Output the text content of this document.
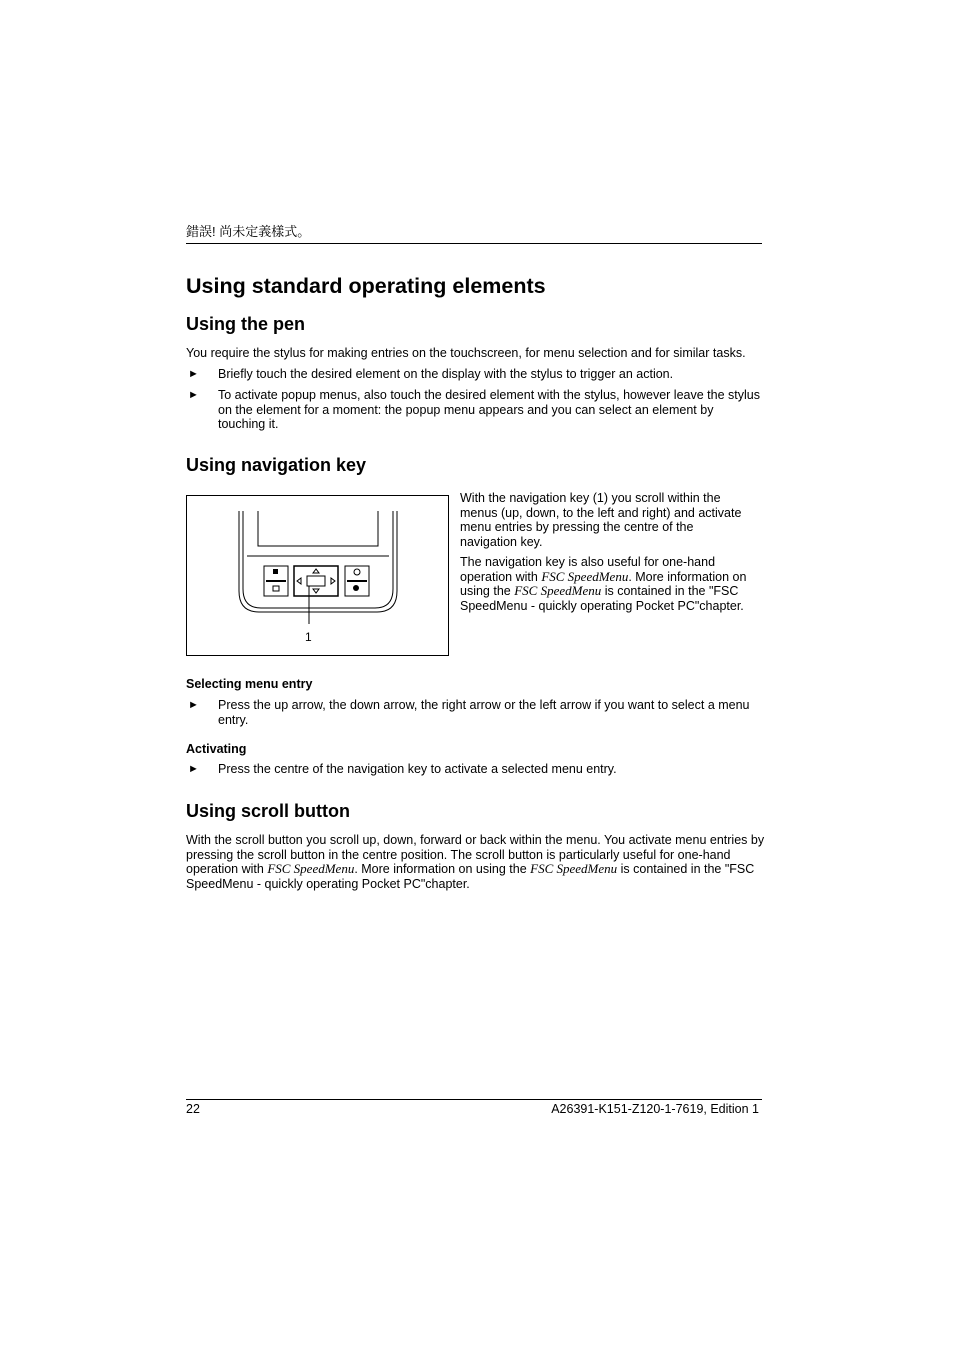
錯誤! 尚未定義樣式。
Using standard operating elements
Using the pen

You require the stylus for making entries on the touchscreen, for menu selection and for similar tasks.

► Briefly touch the desired element on the display with the stylus to trigger an action.
► To activate popup menus, also touch the desired element with the stylus, however leave the stylus on the element for a moment: the popup menu appears and you can select an element by touching it.
Using navigation key
1

With the navigation key (1) you scroll within the menus (up, down, to the left and right) and activate menu entries by pressing the centre of the navigation key.

The navigation key is also useful for one-hand operation with FSC SpeedMenu. More information on using the FSC SpeedMenu is contained in the "FSC SpeedMenu - quickly operating Pocket PC"chapter.

Selecting menu entry
► Press the up arrow, the down arrow, the right arrow or the left arrow if you want to select a menu entry.
Activating
► Press the centre of the navigation key to activate a selected menu entry.
Using scroll button

With the scroll button you scroll up, down, forward or back within the menu. You activate menu entries by pressing the scroll button in the centre position. The scroll button is particularly useful for one-hand operation with FSC SpeedMenu. More information on using the FSC SpeedMenu is contained in the "FSC SpeedMenu - quickly operating Pocket PC"chapter.

22	A26391-K151-Z120-1-7619, Edition 1
